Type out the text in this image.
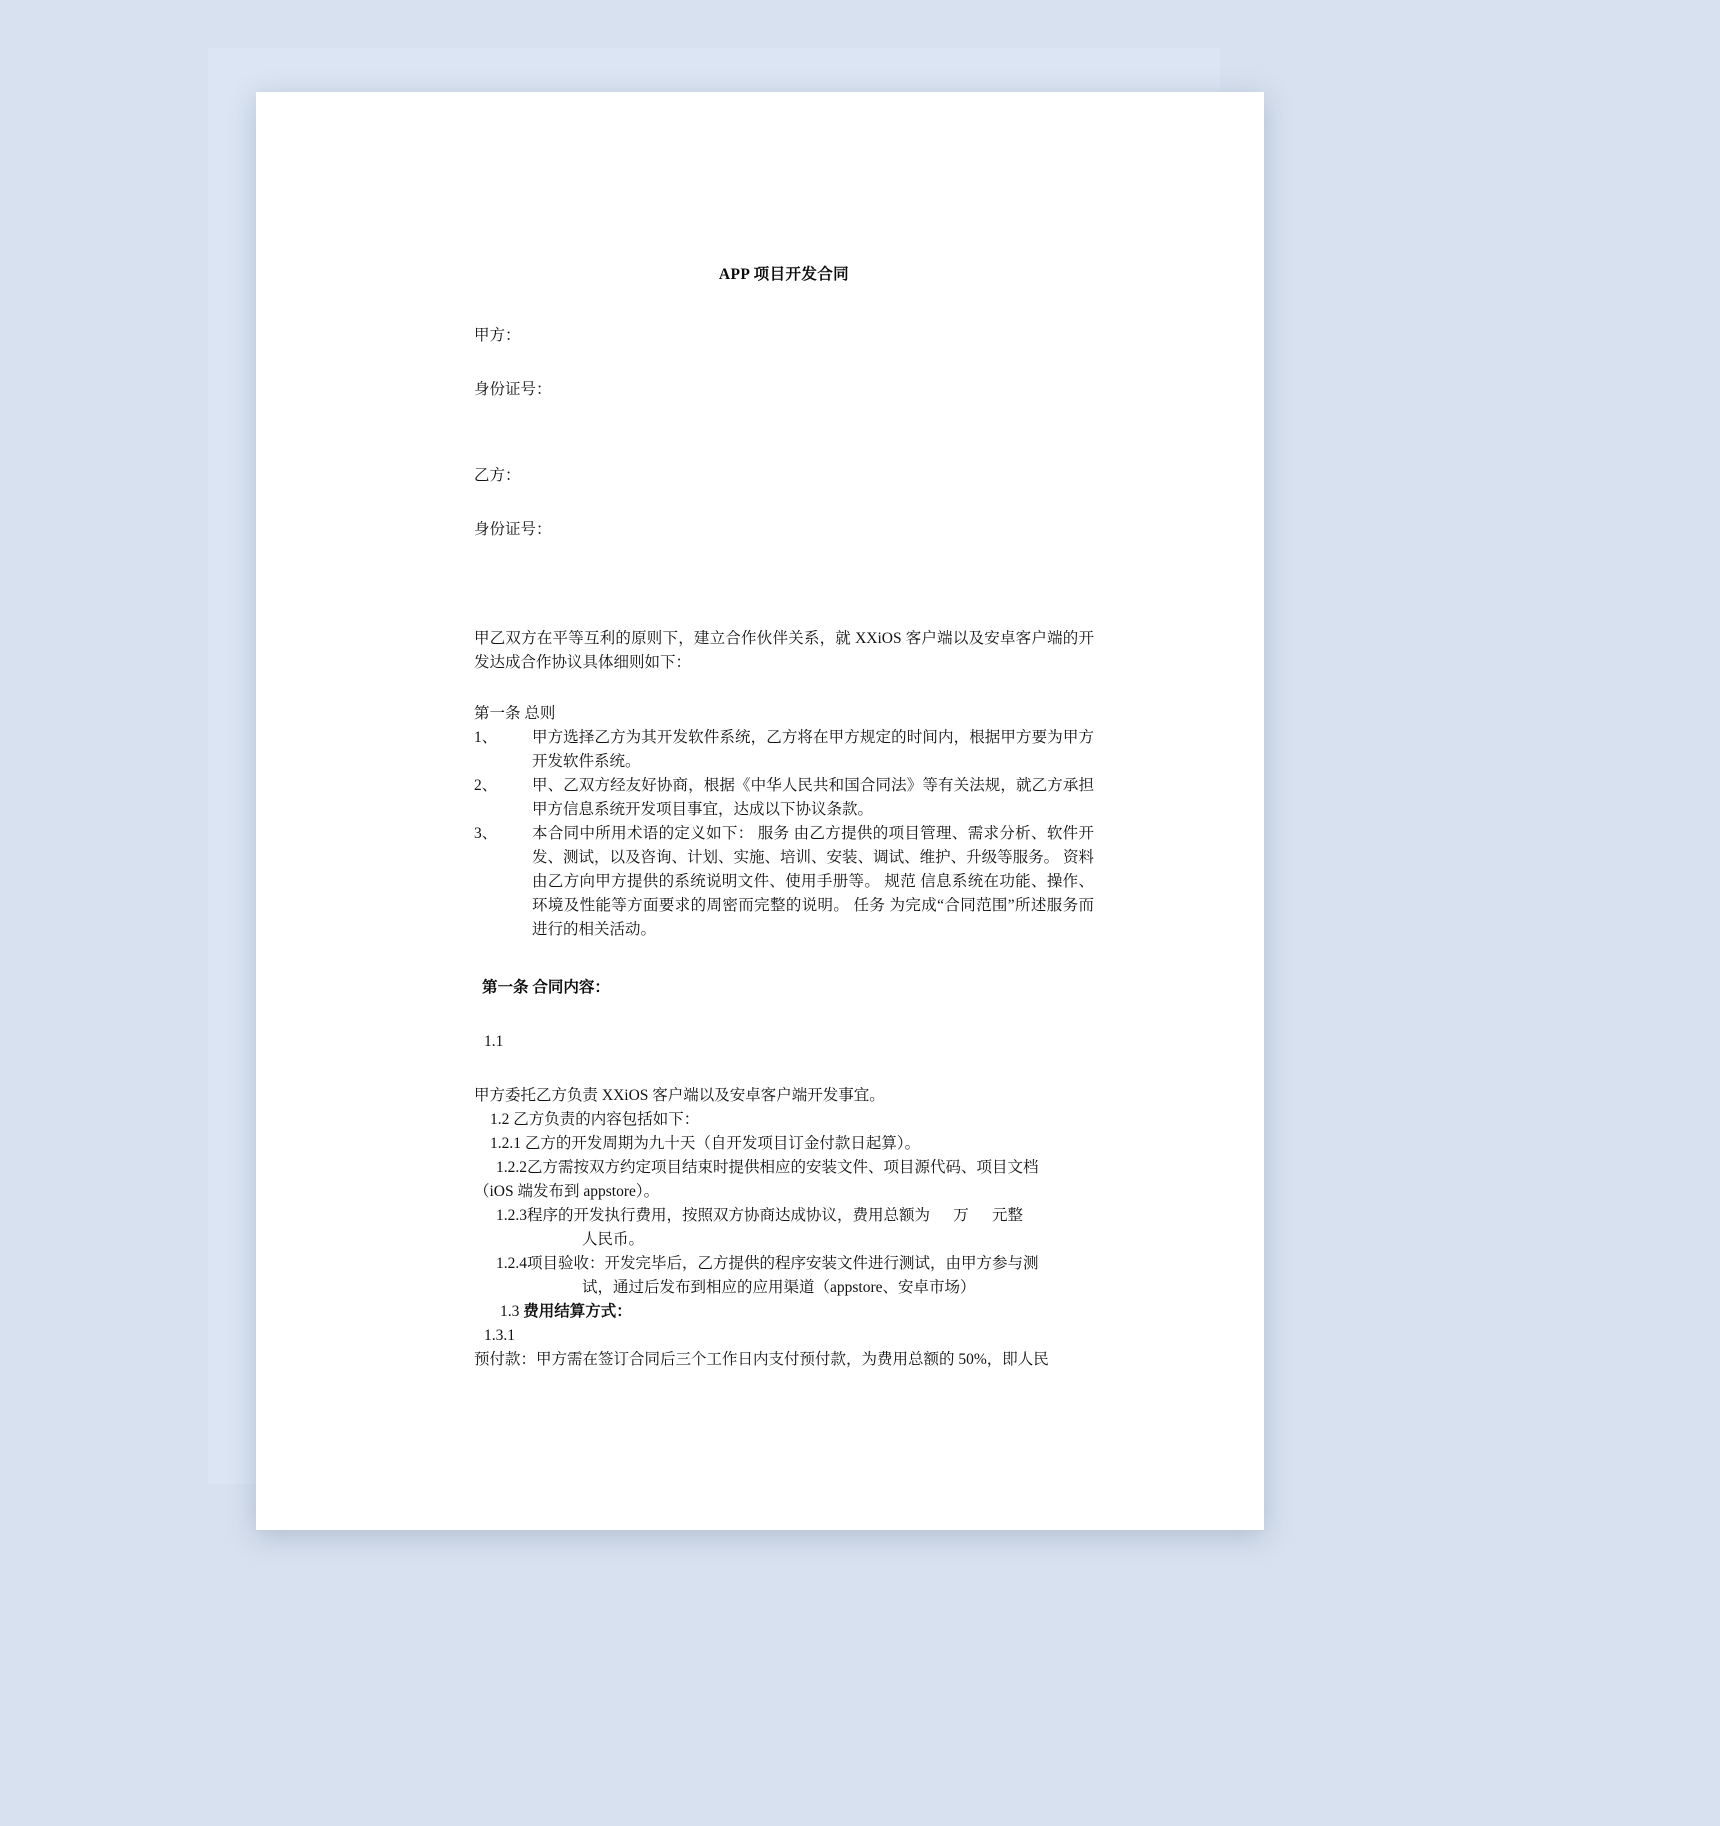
APP 项目开发合同

甲方：

身份证号：

乙方：

身份证号：

甲乙双方在平等互利的原则下，建立合作伙伴关系，就 XXiOS 客户端以及安卓客户端的开发达成合作协议具体细则如下：

第一条 总则

1、	甲方选择乙方为其开发软件系统，乙方将在甲方规定的时间内，根据甲方要为甲方开发软件系统。
2、	甲、乙双方经友好协商，根据《中华人民共和国合同法》等有关法规，就乙方承担甲方信息系统开发项目事宜，达成以下协议条款。
3、	本合同中所用术语的定义如下： 服务 由乙方提供的项目管理、需求分析、软件开发、测试，以及咨询、计划、实施、培训、安装、调试、维护、升级等服务。 资料 由乙方向甲方提供的系统说明文件、使用手册等。 规范 信息系统在功能、操作、环境及性能等方面要求的周密而完整的说明。 任务 为完成“合同范围”所述服务而进行的相关活动。

第一条 合同内容：

1.1

甲方委托乙方负责 XXiOS 客户端以及安卓客户端开发事宜。

1.2 乙方负责的内容包括如下：

1.2.1 乙方的开发周期为九十天（自开发项目订金付款日起算）。

1.2.2 乙方需按双方约定项目结束时提供相应的安装文件、项目源代码、项目文档

（iOS 端发布到 appstore）。

1.2.3 程序的开发执行费用，按照双方协商达成协议，费用总额为      万      元整

人民币。

1.2.4 项目验收：开发完毕后，乙方提供的程序安装文件进行测试，由甲方参与测

试，通过后发布到相应的应用渠道（appstore、安卓市场）

1.3 费用结算方式：

1.3.1

预付款：甲方需在签订合同后三个工作日内支付预付款，为费用总额的 50%，即人民
